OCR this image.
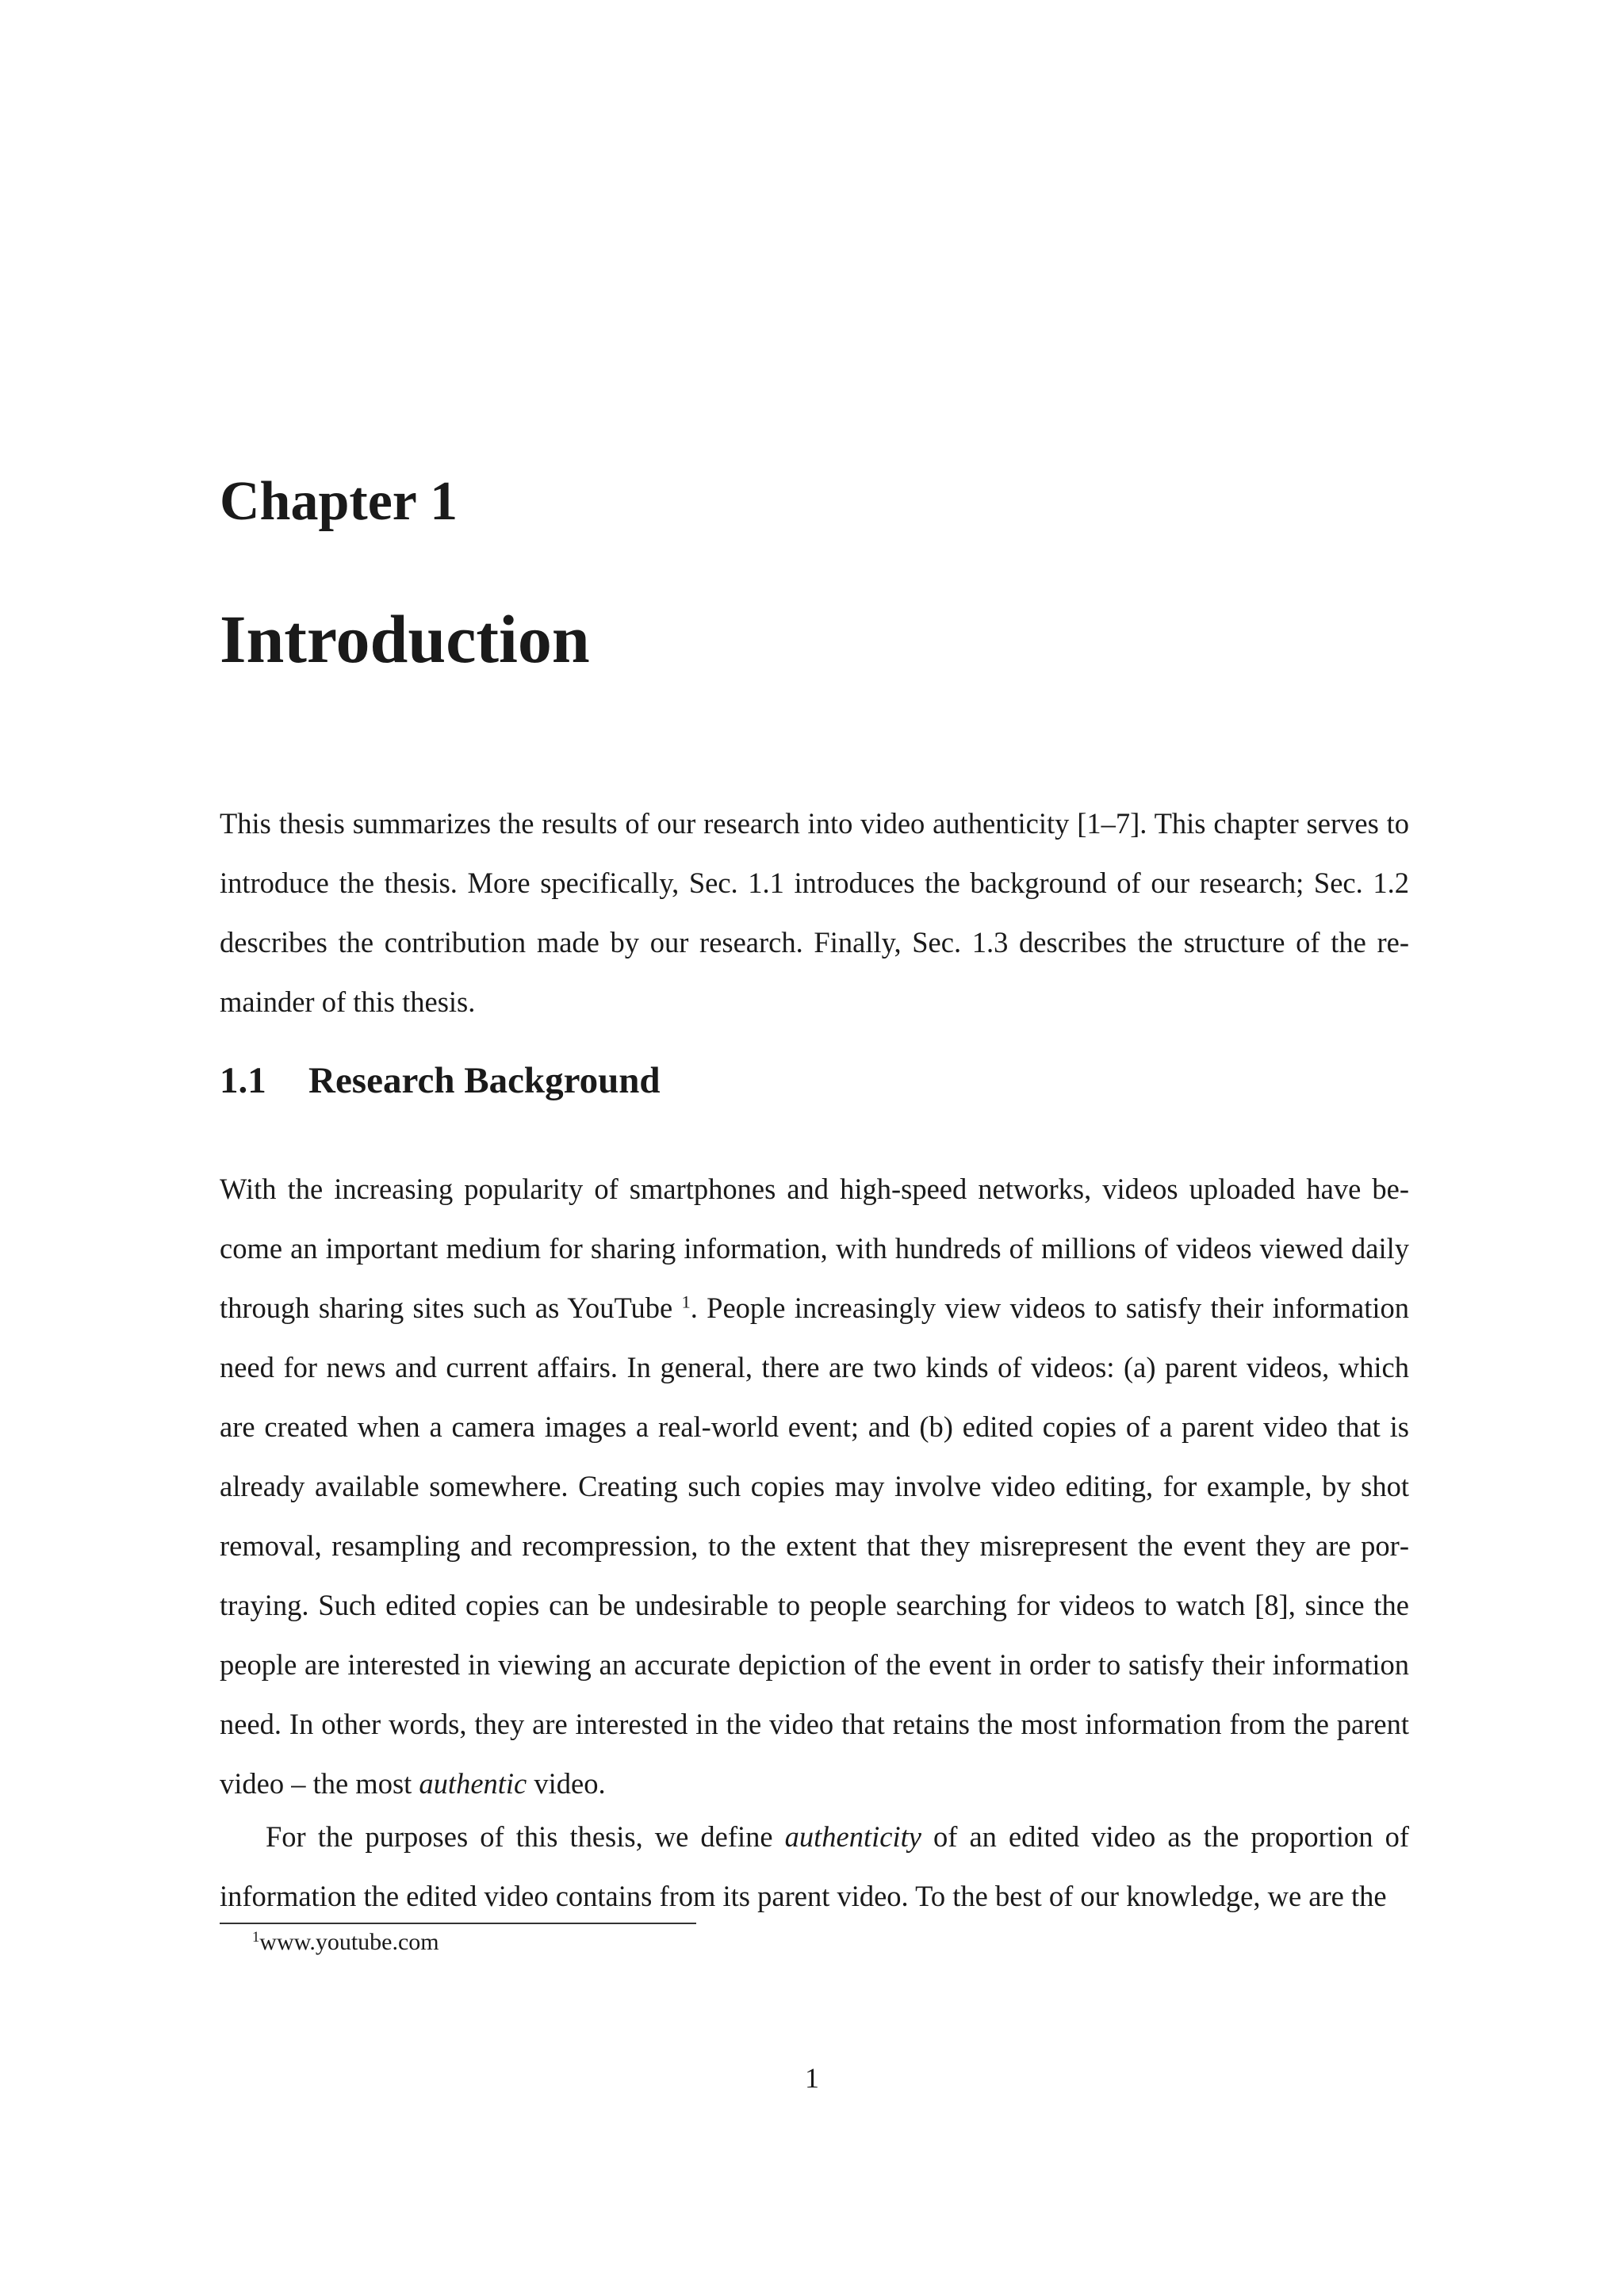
Chapter 1
Introduction

This thesis summarizes the results of our research into video authenticity [1–7]. This chapter serves to introduce the thesis. More specifically, Sec. 1.1 introduces the background of our research; Sec. 1.2 describes the contribution made by our research. Finally, Sec. 1.3 describes the structure of the remainder of this thesis.

1.1 Research Background

With the increasing popularity of smartphones and high-speed networks, videos uploaded have become an important medium for sharing information, with hundreds of millions of videos viewed daily through sharing sites such as YouTube $^1$. People increasingly view videos to satisfy their information need for news and current affairs. In general, there are two kinds of videos: (a) parent videos, which are created when a camera images a real-world event; and (b) edited copies of a parent video that is already available somewhere. Creating such copies may involve video editing, for example, by shot removal, resampling and recompression, to the extent that they misrepresent the event they are portraying. Such edited copies can be undesirable to people searching for videos to watch [8], since the people are interested in viewing an accurate depiction of the event in order to satisfy their information need. In other words, they are interested in the video that retains the most information from the parent video – the most authentic video.

For the purposes of this thesis, we define authenticity of an edited video as the proportion of information the edited video contains from its parent video. To the best of our knowledge, we are the

$^1$www.youtube.com

1
